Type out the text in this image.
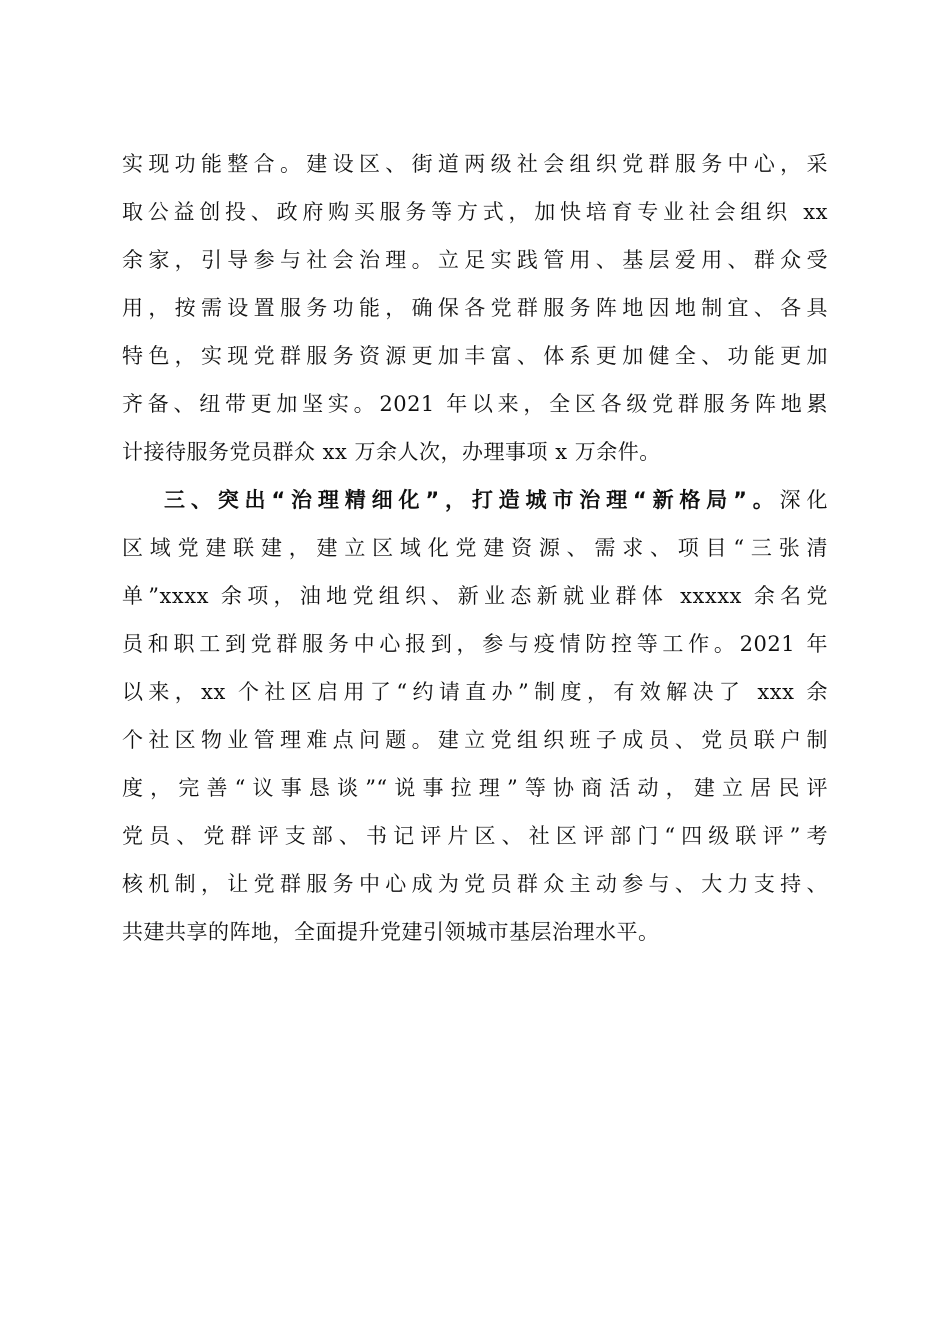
实现功能整合。建设区、街道两级社会组织党群服务中心，采
取公益创投、政府购买服务等方式，加快培育专业社会组织 xx
余家，引导参与社会治理。立足实践管用、基层爱用、群众受
用，按需设置服务功能，确保各党群服务阵地因地制宜、各具
特色，实现党群服务资源更加丰富、体系更加健全、功能更加
齐备、纽带更加坚实。2021 年以来，全区各级党群服务阵地累
计接待服务党员群众 xx 万余人次，办理事项 x 万余件。
三、突出“治理精细化”，打造城市治理“新格局”。深化
区域党建联建，建立区域化党建资源、需求、项目“三张清
单”xxxx 余项，油地党组织、新业态新就业群体 xxxxx 余名党
员和职工到党群服务中心报到，参与疫情防控等工作。2021 年
以来，xx 个社区启用了“约请直办”制度，有效解决了 xxx 余
个社区物业管理难点问题。建立党组织班子成员、党员联户制
度，完善“议事恳谈”“说事拉理”等协商活动，建立居民评
党员、党群评支部、书记评片区、社区评部门“四级联评”考
核机制，让党群服务中心成为党员群众主动参与、大力支持、
共建共享的阵地，全面提升党建引领城市基层治理水平。
